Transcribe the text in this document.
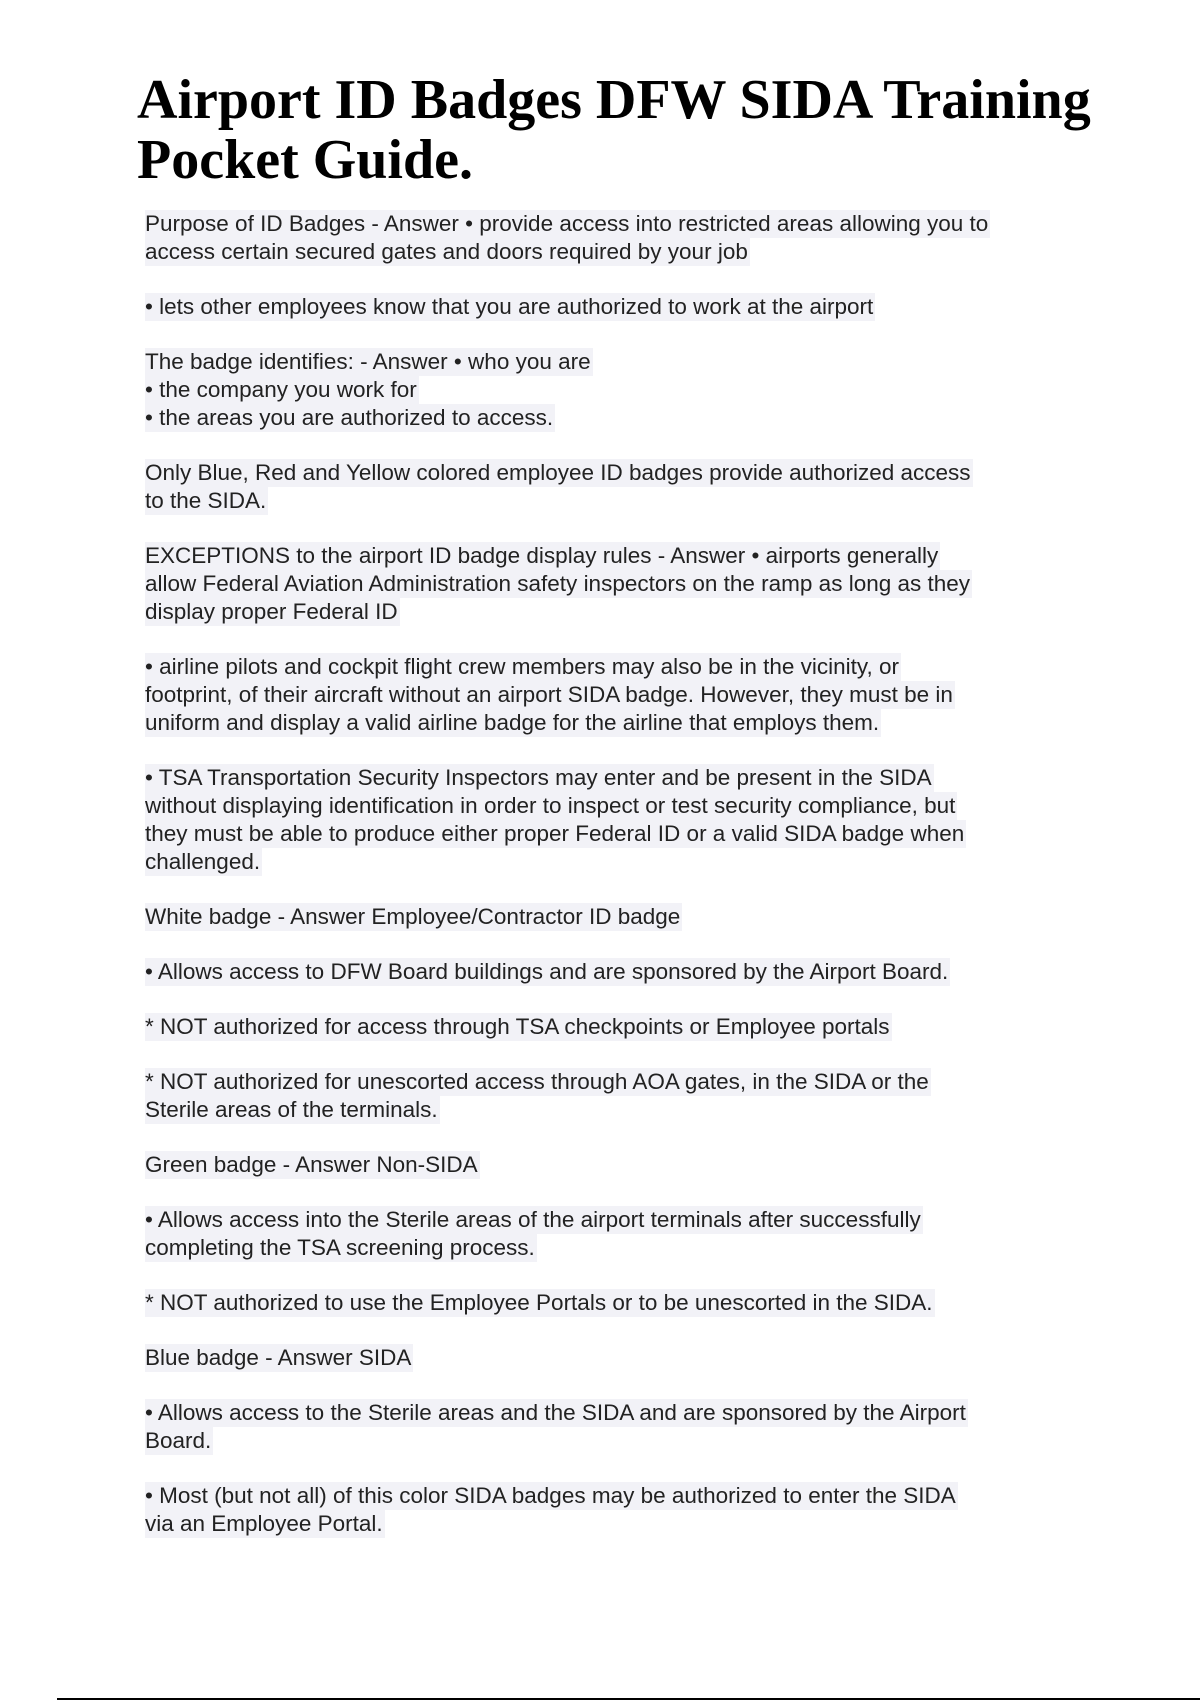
Airport ID Badges DFW SIDA Training Pocket Guide.
Purpose of ID Badges - Answer • provide access into restricted areas allowing you to
access certain secured gates and doors required by your job
• lets other employees know that you are authorized to work at the airport
The badge identifies: - Answer • who you are
• the company you work for
• the areas you are authorized to access.
Only Blue, Red and Yellow colored employee ID badges provide authorized access
to the SIDA.
EXCEPTIONS to the airport ID badge display rules - Answer • airports generally
allow Federal Aviation Administration safety inspectors on the ramp as long as they
display proper Federal ID
• airline pilots and cockpit flight crew members may also be in the vicinity, or
footprint, of their aircraft without an airport SIDA badge. However, they must be in
uniform and display a valid airline badge for the airline that employs them.
• TSA Transportation Security Inspectors may enter and be present in the SIDA
without displaying identification in order to inspect or test security compliance, but
they must be able to produce either proper Federal ID or a valid SIDA badge when
challenged.
White badge - Answer Employee/Contractor ID badge
• Allows access to DFW Board buildings and are sponsored by the Airport Board.
* NOT authorized for access through TSA checkpoints or Employee portals
* NOT authorized for unescorted access through AOA gates, in the SIDA or the
Sterile areas of the terminals.
Green badge - Answer Non-SIDA
• Allows access into the Sterile areas of the airport terminals after successfully
completing the TSA screening process.
* NOT authorized to use the Employee Portals or to be unescorted in the SIDA.
Blue badge - Answer SIDA
• Allows access to the Sterile areas and the SIDA and are sponsored by the Airport
Board.
• Most (but not all) of this color SIDA badges may be authorized to enter the SIDA
via an Employee Portal.
